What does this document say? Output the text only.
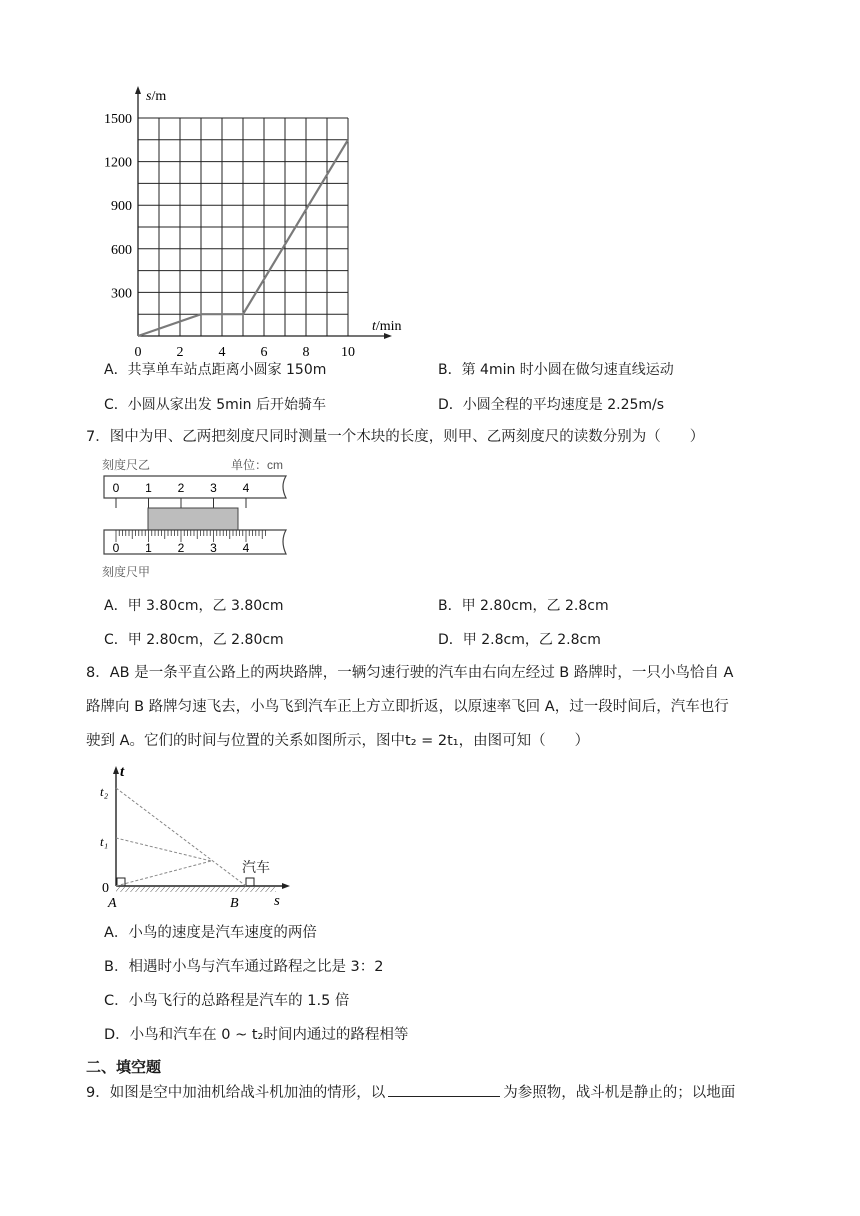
s/m
t/min
1500
1200
900
600
300
0	2	4	6	8 10
A．共享单车站点距离小圆家 150m	B．第 4min 时小圆在做匀速直线运动
C．小圆从家出发 5min 后开始骑车	D．小圆全程的平均速度是 2.25m/s
7．图中为甲、乙两把刻度尺同时测量一个木块的长度，则甲、乙两刻度尺的读数分别为（　　）
刻度尺乙	单位：cm
0 1 2 3 4
0 1 2 3 4
刻度尺甲
A．甲 3.80cm，乙 3.80cm	B．甲 2.80cm，乙 2.8cm
C．甲 2.80cm，乙 2.80cm	D．甲 2.8cm，乙 2.8cm
8．AB 是一条平直公路上的两块路牌，一辆匀速行驶的汽车由右向左经过 B 路牌时，一只小鸟恰自 A
路牌向 B 路牌匀速飞去，小鸟飞到汽车正上方立即折返，以原速率飞回 A，过一段时间后，汽车也行
驶到 A。它们的时间与位置的关系如图所示，图中t₂ = 2t₁，由图可知（　　）
t
s
t₂
t₁
0
A	B
汽车
A．小鸟的速度是汽车速度的两倍
B．相遇时小鸟与汽车通过路程之比是 3：2
C．小鸟飞行的总路程是汽车的 1.5 倍
D．小鸟和汽车在 0 ~ t₂时间内通过的路程相等
二、填空题
9．如图是空中加油机给战斗机加油的情形，以	为参照物，战斗机是静止的；以地面
